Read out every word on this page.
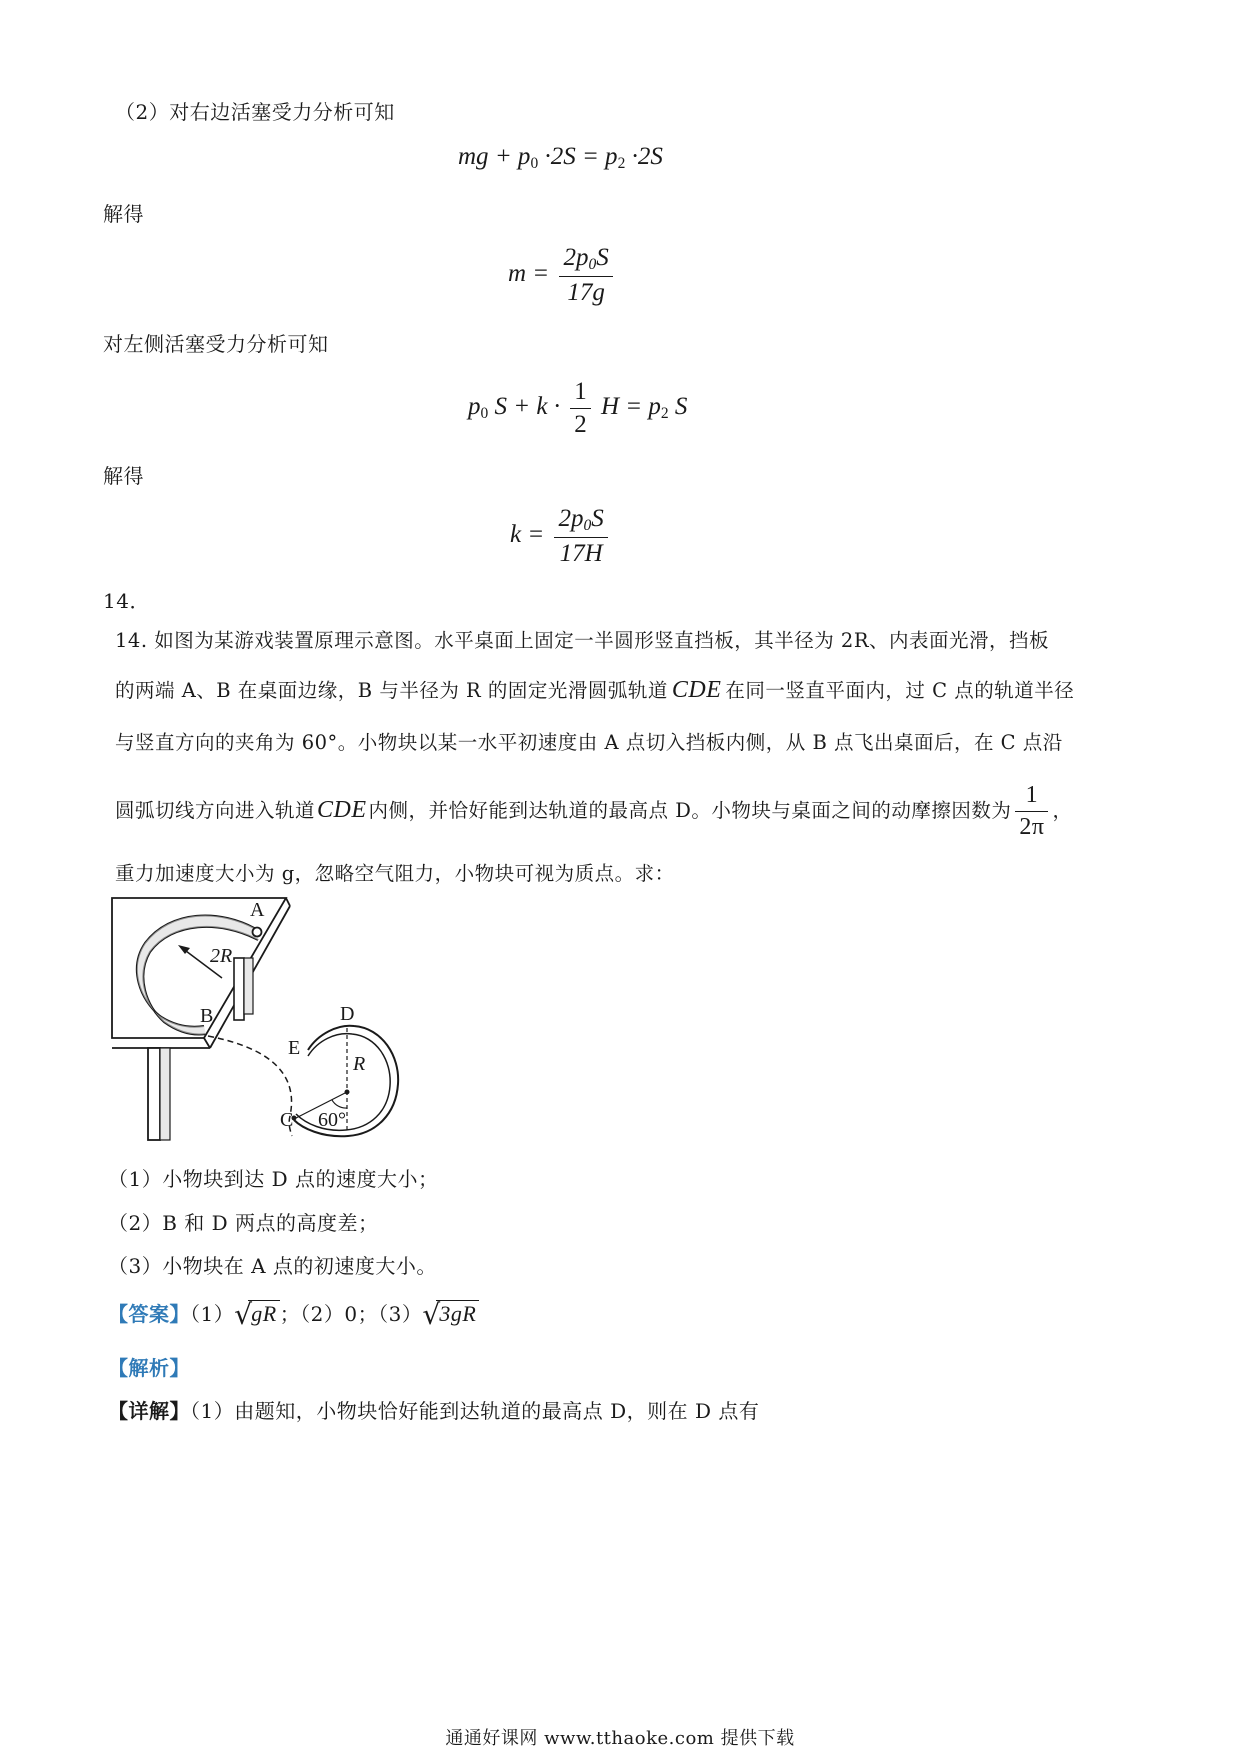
（2）对右边活塞受力分析可知
mg + $p_0 \cdot 2S = p_2 \cdot 2S$
解得
$m = \frac{2p_0S}{17g}$
对左侧活塞受力分析可知
$p_0$ $S + k \cdot \frac{1}{2}$ $H = p_2$ S
解得
$k = \frac{2p_0S}{17H}$
14．
14. 如图为某游戏装置原理示意图。水平桌面上固定一半圆形竖直挡板，其半径为 2R、内表面光滑，挡板
的两端 A、B 在桌面边缘，B 与半径为 R 的固定光滑圆弧轨道 CDE 在同一竖直平面内，过 C 点的轨道半径
与竖直方向的夹角为 60°。小物块以某一水平初速度由 A 点切入挡板内侧，从 B 点飞出桌面后，在 C 点沿
圆弧切线方向进入轨道CDE 内侧，并恰好能到达轨道的最高点 D。小物块与桌面之间的动摩擦因数为 $\frac{1}{2\pi}$ ，
重力加速度大小为 g，忽略空气阻力，小物块可视为质点。求：
A
B
2R
D
E
R
C 60°
（1）小物块到达 D 点的速度大小；
（2）B 和 D 两点的高度差；
（3）小物块在 A 点的初速度大小。
【答案】（1） √
gR ；（2）0；（3） √
3gR
【解析】
【详解】（1）由题知，小物块恰好能到达轨道的最高点 D，则在 D 点有
通通好课网 www.tthaoke.com 提供下载
